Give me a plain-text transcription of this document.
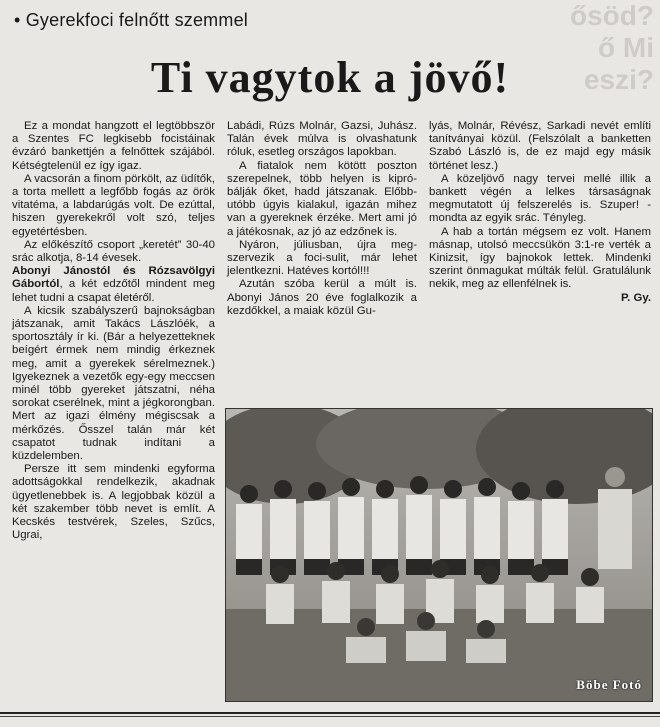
ősöd?
ő Mi
eszi?
• Gyerekfoci felnőtt szemmel
Ti vagytok a jövő!

Ez a mondat hangzott el legtöbbször a Szentes FC legkisebb focistáinak évzáró bankettjén a felnőttek szájából. Kétségtelenül ez így igaz.

A vacsorán a finom pörkölt, az üdítők, a torta mellett a legfőbb fogás az örök vitatéma, a labdarúgás volt. De ezúttal, hiszen gyerekekről volt szó, teljes egyetértésben.

Az előkészítő csoport „keretét” 30-40 srác alkotja, 8-14 évesek.

Abonyi Jánostól és Rózsavölgyi Gábortól, a két edzőtől mindent meg lehet tudni a csapat életéről.

A kicsik szabályszerű bajnokságban játszanak, amit Takács Lászlóék, a sportosztály ír ki. (Bár a helyezetteknek beígért érmek nem mindig érkeznek meg, amit a gyerekek sérelmeznek.) Igyekeznek a vezetők egy-egy meccsen minél több gyereket játszatni, néha sorokat cserélnek, mint a jégkorongban. Mert az igazi élmény mégiscsak a mérkőzés. Ősszel talán már két csapatot tudnak indítani a küzdelemben.

Persze itt sem mindenki egyforma adottságokkal rendelkezik, akadnak ügyetlenebbek is. A legjobbak közül a két szakember több nevet is említ. A Kecskés testvérek, Szeles, Szűcs, Ugrai,

Labádi, Rúzs Molnár, Gazsi, Juhász. Talán évek múlva is olvashatunk róluk, esetleg országos lapokban.

A fiatalok nem kötött poszton szerepelnek, több helyen is kipróbálják őket, hadd játszanak. Előbb-utóbb úgyis kialakul, igazán mihez van a gyereknek érzéke. Mert ami jó a játékosnak, az jó az edzőnek is.

Nyáron, júliusban, újra megszervezik a foci-sulit, már lehet jelentkezni. Hatéves kortól!!!

Azután szóba kerül a múlt is. Abonyi János 20 éve foglalkozik a kezdőkkel, a maiak közül Gu-

lyás, Molnár, Révész, Sarkadi nevét említi tanítványai közül. (Felszólalt a banketten Szabó László is, de ez majd egy másik történet lesz.)

A közeljövő nagy tervei mellé illik a bankett végén a lelkes társaságnak megmutatott új felszerelés is. Szuper! - mondta az egyik srác. Tényleg.

A hab a tortán mégsem ez volt. Hanem másnap, utolsó meccsükön 3:1-re verték a Kinizsit, így bajnokok lettek. Mindenki szerint önmagukat múlták felül. Gratulálunk nekik, meg az ellenfélnek is.

P. Gy.

Böbe Fotó
